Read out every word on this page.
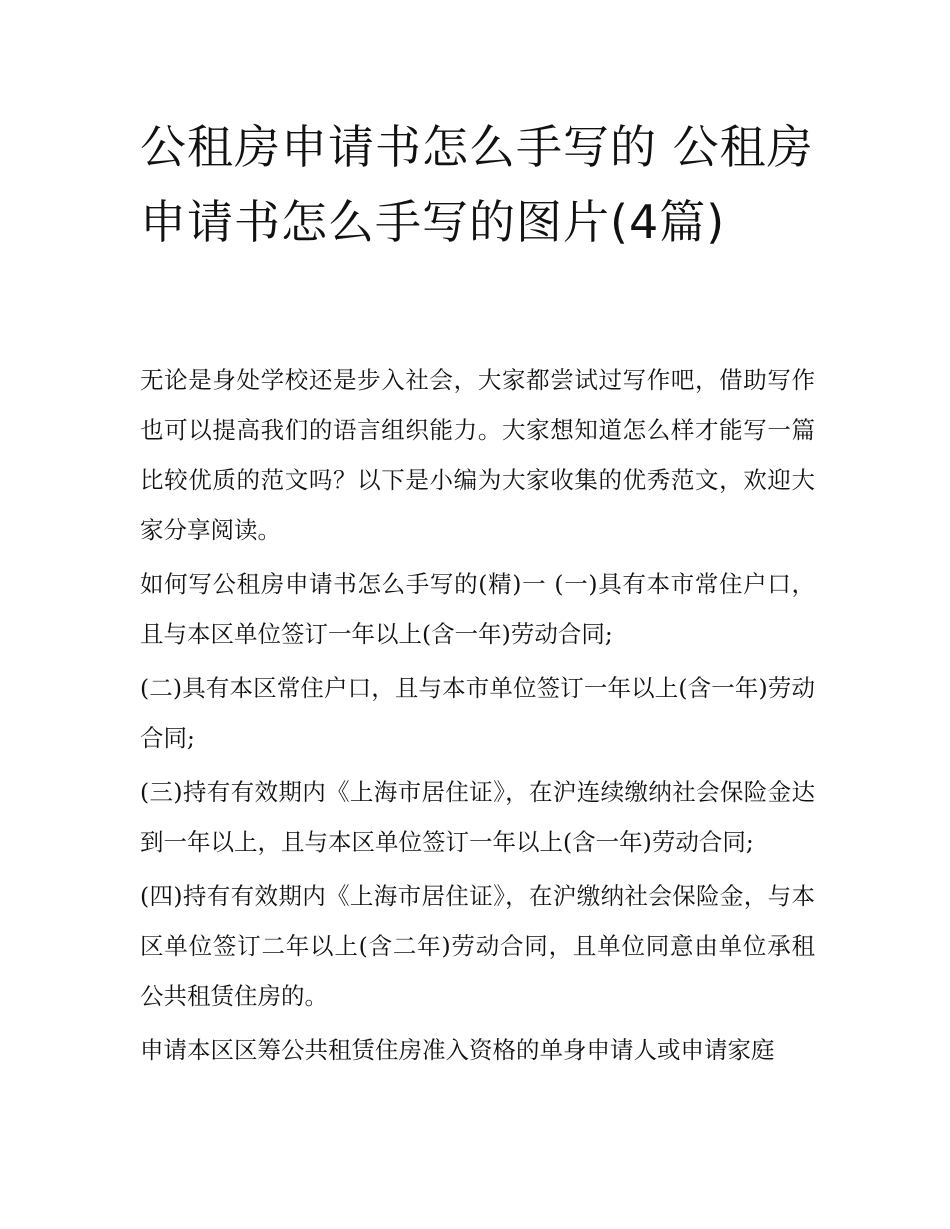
公租房申请书怎么手写的 公租房申请书怎么手写的图片(4篇)

无论是身处学校还是步入社会，大家都尝试过写作吧，借助写作也可以提高我们的语言组织能力。大家想知道怎么样才能写一篇比较优质的范文吗？以下是小编为大家收集的优秀范文，欢迎大家分享阅读。

如何写公租房申请书怎么手写的(精)一 (一)具有本市常住户口，且与本区单位签订一年以上(含一年)劳动合同;

(二)具有本区常住户口，且与本市单位签订一年以上(含一年)劳动合同;

(三)持有有效期内《上海市居住证》，在沪连续缴纳社会保险金达到一年以上，且与本区单位签订一年以上(含一年)劳动合同;

(四)持有有效期内《上海市居住证》，在沪缴纳社会保险金，与本区单位签订二年以上(含二年)劳动合同，且单位同意由单位承租公共租赁住房的。

申请本区区筹公共租赁住房准入资格的单身申请人或申请家庭
